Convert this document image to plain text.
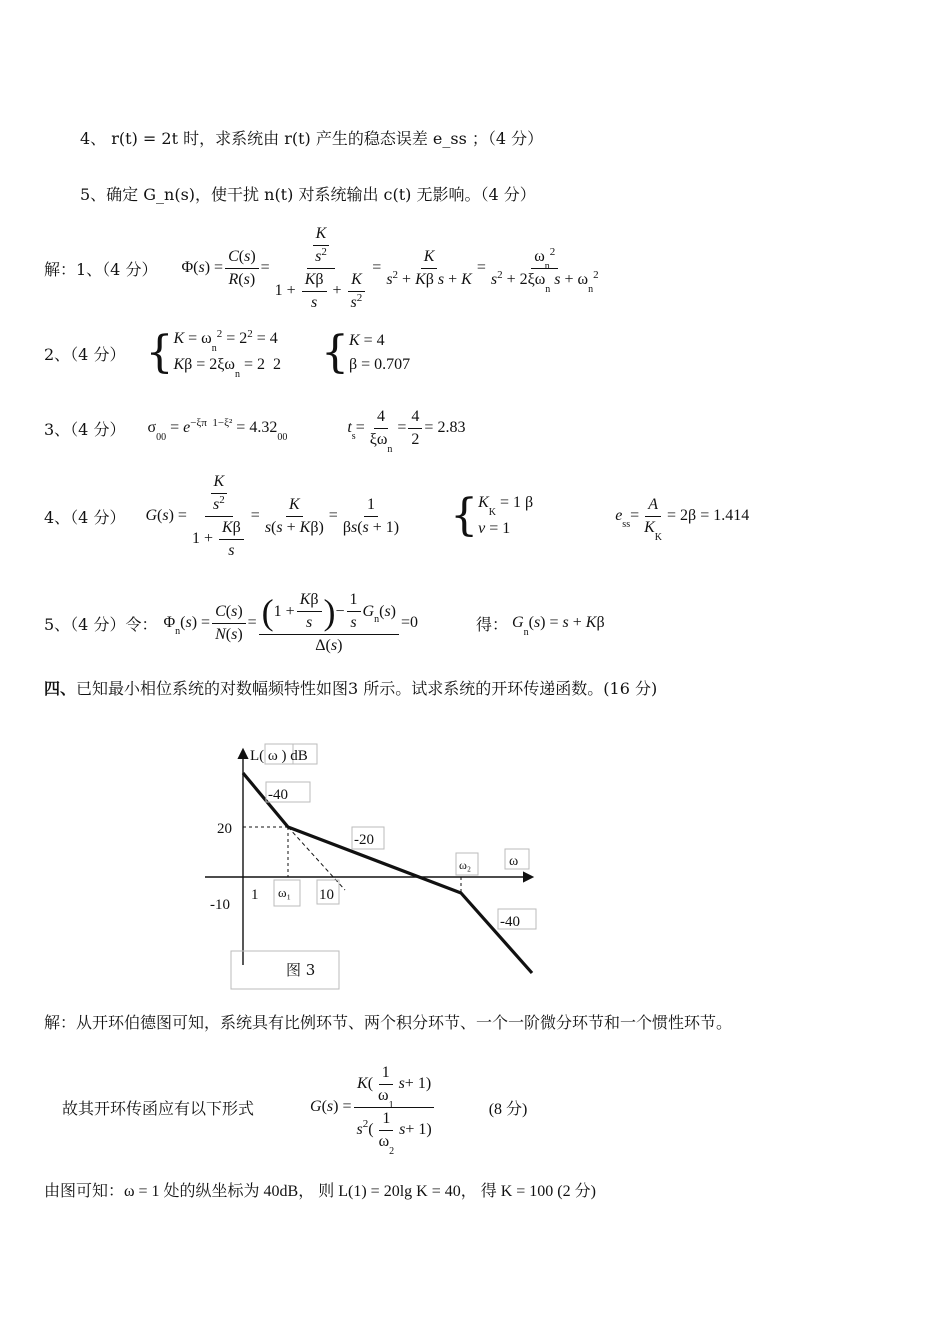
4、 r(t) = 2t 时，求系统由 r(t) 产生的稳态误差 e_ss ；（4 分）
5、确定 G_n(s)，使干扰 n(t) 对系统输出 c(t) 无影响。（4 分）
解：1、（4 分） Φ( s ) = $\frac{C(s)}{R(s)} = \frac{\frac{K}{s^2}}{1 + \frac{K\beta}{s} + \frac{K}{s^2}} = \frac{K}{s^2 + K\beta s + K} = \frac{\omega_n^2}{s^2 + 2\xi\omega_n s + \omega_n^2}$
2、（4 分） { $K = \omega_n^2 = 2^2 = 4$
$K\beta = 2\xi\omega_n = 2$  2 { K = 4
β = 0.707
3、（4 分） $\sigma_{00} = e^{-\xi\pi 1-\xi^2} = 4.32_{00}$
t $s = \frac{4}{\xi\omega_n} = \frac{4}{2} = 2.83$
4、（4 分） G ( s ) = $\frac{\frac{K}{s^2}}{1 + \frac{K\beta}{s}} = \frac{K}{s(s + K\beta)} = \frac{1}{\beta s(s + 1)}$ { $K_K = 1$ β
v = 1
e ss = $\frac{A}{K_K} = 2\beta = 1.414$
5、（4 分）令： Φ n ( s ) = $\frac{C(s)}{N(s)} = \frac{( 1 + \frac{K\beta}{s} ) - \frac{1}{s} G n ( s )}{\Delta(s)} =0$	得： $G_n(s) = s + K\beta$
四、已知最小相位系统的对数幅频特性如图3 所示。试求系统的开环传递函数。(16 分)
L( ω ) dB
-40
20
-20
ω₂	ω
1 ω₁ 10
-10
-40
图 3
解：从开环伯德图可知，系统具有比例环节、两个积分环节、一个一阶微分环节和一个惯性环节。
故其开环传函应有以下形式	G ( s ) = $\frac{K ( \frac{1}{\omega_1} s + 1)}{s 2 ( \frac{1}{\omega_2} s + 1)}$	(8 分)
由图可知：ω = 1 处的纵坐标为 40dB， 则 L(1) = 20lg K = 40， 得 K = 100 (2 分)
